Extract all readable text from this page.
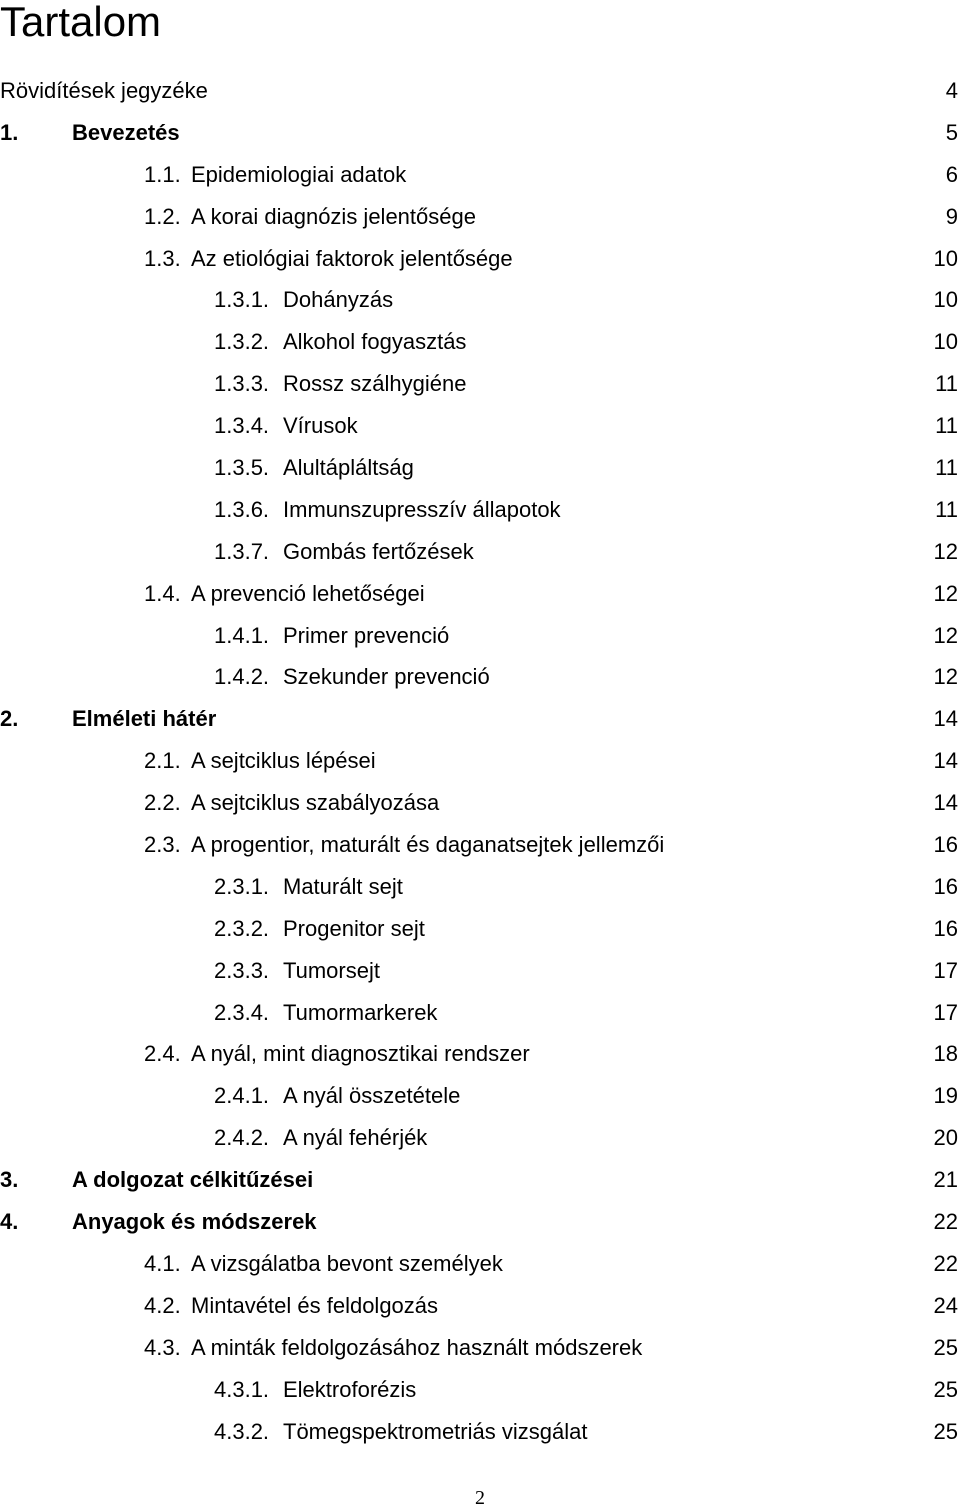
Tartalom
Rövidítések jegyzéke	4
1. Bevezetés	5
1.1. Epidemiologiai adatok	6
1.2. A korai diagnózis jelentősége	9
1.3. Az etiológiai faktorok jelentősége	10
1.3.1. Dohányzás	10
1.3.2. Alkohol fogyasztás	10
1.3.3. Rossz szálhygiéne	11
1.3.4. Vírusok	11
1.3.5. Alultápláltság	11
1.3.6. Immunszupresszív állapotok	11
1.3.7. Gombás fertőzések	12
1.4. A prevenció lehetőségei	12
1.4.1. Primer prevenció	12
1.4.2. Szekunder prevenció	12
2. Elméleti hátér	14
2.1. A sejtciklus lépései	14
2.2. A sejtciklus szabályozása	14
2.3. A progentior, maturált és daganatsejtek jellemzői	16
2.3.1. Maturált sejt	16
2.3.2. Progenitor sejt	16
2.3.3. Tumorsejt	17
2.3.4. Tumormarkerek	17
2.4. A nyál, mint diagnosztikai rendszer	18
2.4.1. A nyál összetétele	19
2.4.2. A nyál fehérjék	20
3. A dolgozat célkitűzései	21
4. Anyagok és módszerek	22
4.1. A vizsgálatba bevont személyek	22
4.2. Mintavétel és feldolgozás	24
4.3. A minták feldolgozásához használt módszerek	25
4.3.1. Elektroforézis	25
4.3.2. Tömegspektrometriás vizsgálat	25
2
